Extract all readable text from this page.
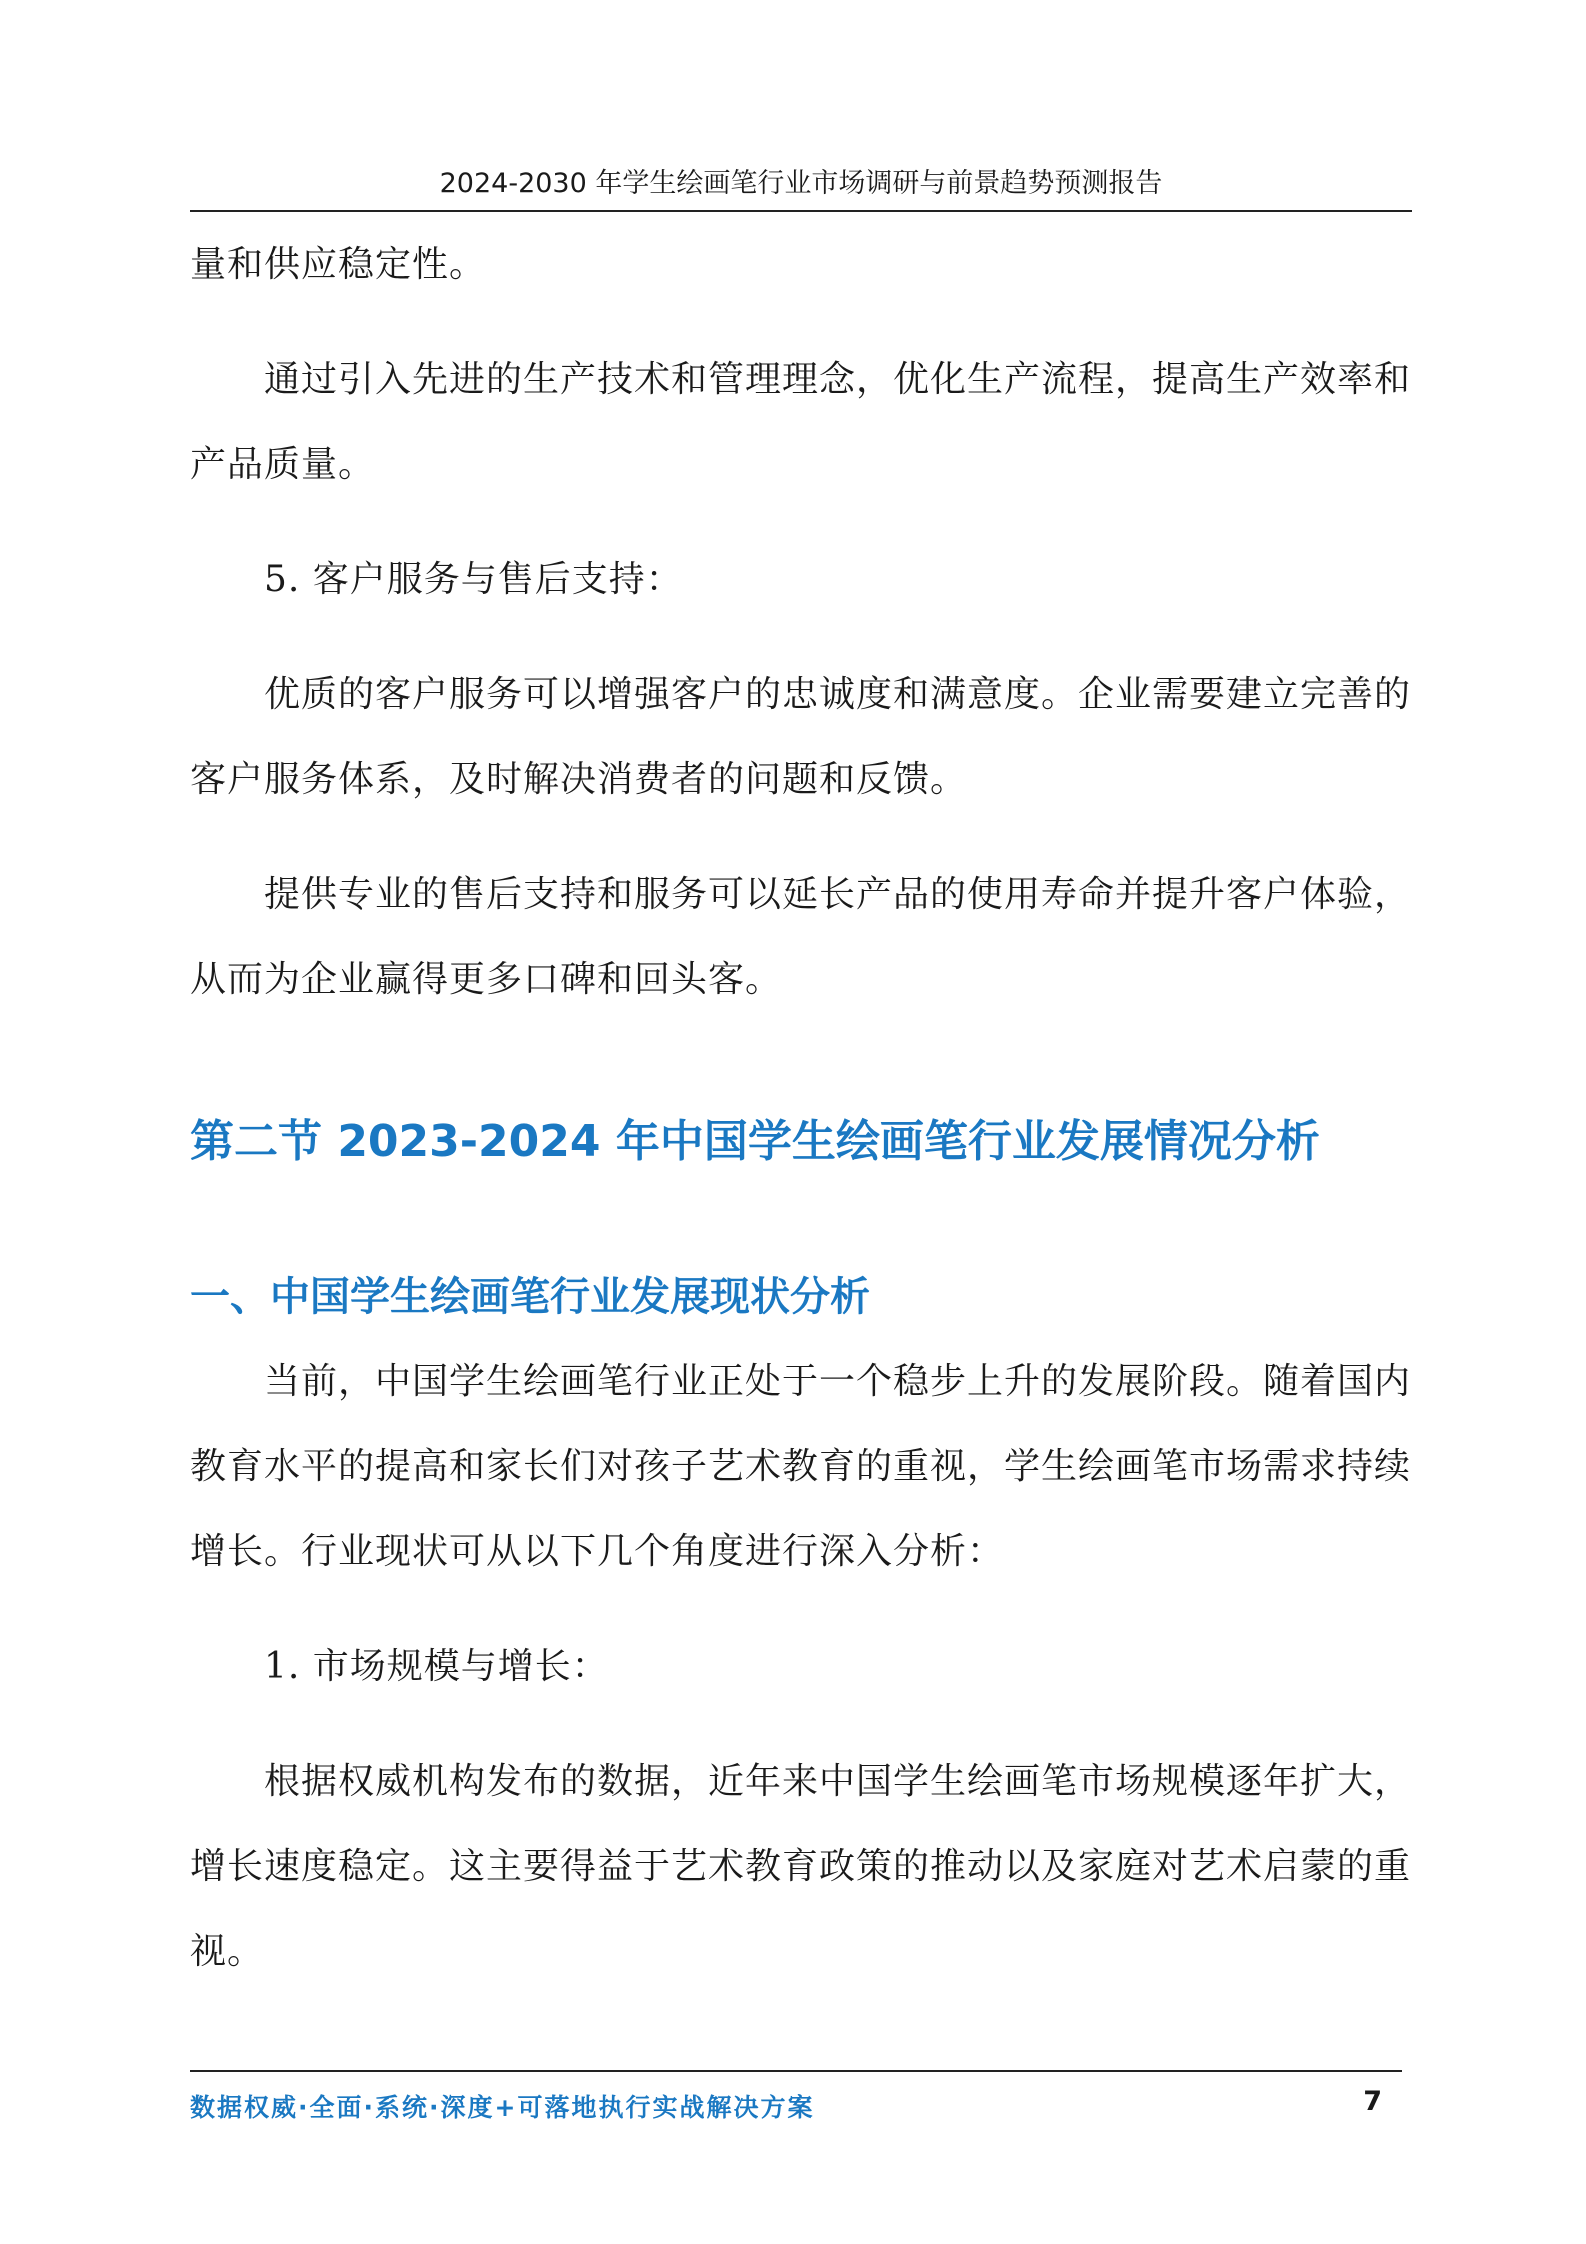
2024-2030 年学生绘画笔行业市场调研与前景趋势预测报告

量和供应稳定性。

通过引入先进的生产技术和管理理念，优化生产流程，提高生产效率和产品质量。

5. 客户服务与售后支持：

优质的客户服务可以增强客户的忠诚度和满意度。企业需要建立完善的客户服务体系，及时解决消费者的问题和反馈。

提供专业的售后支持和服务可以延长产品的使用寿命并提升客户体验，从而为企业赢得更多口碑和回头客。

第二节 2023-2024 年中国学生绘画笔行业发展情况分析
一、中国学生绘画笔行业发展现状分析

当前，中国学生绘画笔行业正处于一个稳步上升的发展阶段。随着国内教育水平的提高和家长们对孩子艺术教育的重视，学生绘画笔市场需求持续增长。行业现状可从以下几个角度进行深入分析：

1. 市场规模与增长：

根据权威机构发布的数据，近年来中国学生绘画笔市场规模逐年扩大，增长速度稳定。这主要得益于艺术教育政策的推动以及家庭对艺术启蒙的重视。

数据权威·全面·系统·深度+可落地执行实战解决方案	7
